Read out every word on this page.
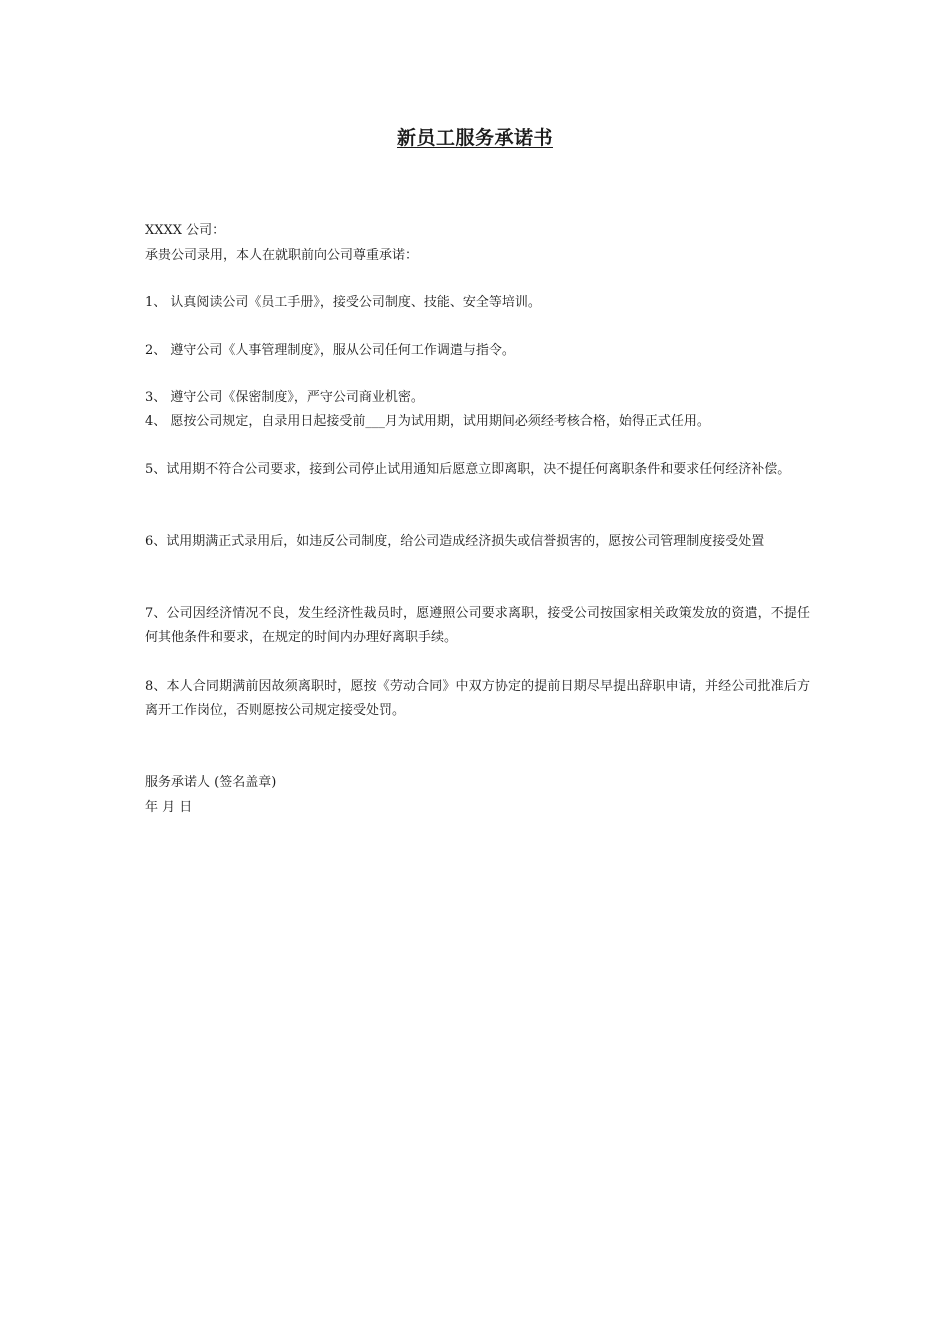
新员工服务承诺书

XXXX 公司：

承贵公司录用，本人在就职前向公司尊重承诺：

1、 认真阅读公司《员工手册》，接受公司制度、技能、安全等培训。

2、 遵守公司《人事管理制度》，服从公司任何工作调遣与指令。

3、 遵守公司《保密制度》，严守公司商业机密。

4、 愿按公司规定，自录用日起接受前___月为试用期，试用期间必须经考核合格，始得正式任用。

5、试用期不符合公司要求，接到公司停止试用通知后愿意立即离职，决不提任何离职条件和要求任何经济补偿。

6、试用期满正式录用后，如违反公司制度，给公司造成经济损失或信誉损害的，愿按公司管理制度接受处置

7、公司因经济情况不良，发生经济性裁员时，愿遵照公司要求离职，接受公司按国家相关政策发放的资遣，不提任何其他条件和要求，在规定的时间内办理好离职手续。

8、本人合同期满前因故须离职时，愿按《劳动合同》中双方协定的提前日期尽早提出辞职申请，并经公司批准后方离开工作岗位，否则愿按公司规定接受处罚。

服务承诺人 (签名盖章)

年 月 日
